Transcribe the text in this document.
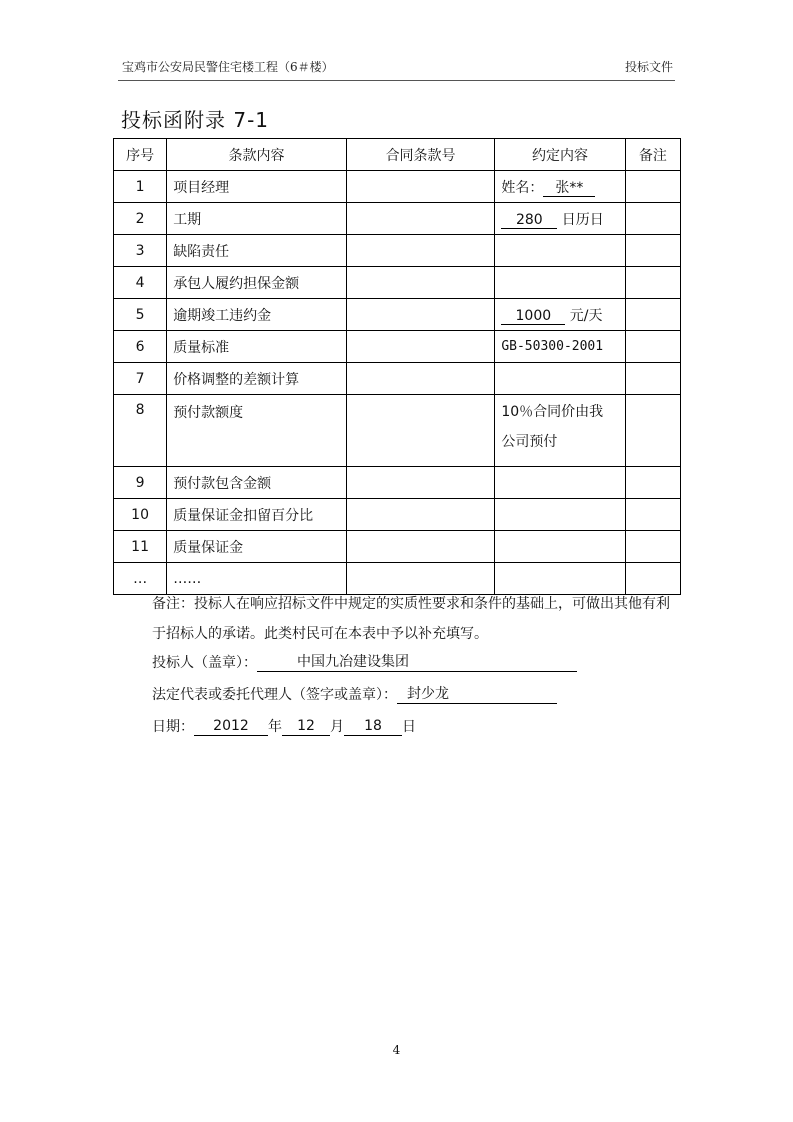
宝鸡市公安局民警住宅楼工程（6＃楼）	投标文件
投标函附录 7-1
序号	条款内容	合同条款号	约定内容	备注
1	项目经理		姓名： 张**	
2	工期		280 日历日	
3	缺陷责任			
4	承包人履约担保金额			
5	逾期竣工违约金		1000 元/天	
6	质量标准		GB-50300-2001	
7	价格调整的差额计算			
8	预付款额度		10％合同价由我
公司预付	

9	预付款包含金额			
10	质量保证金扣留百分比			
11	质量保证金			
…	……			
备注：投标人在响应招标文件中规定的实质性要求和条件的基础上，可做出其他有利于招标人的承诺。此类村民可在本表中予以补充填写。
投标人（盖章）：	中国九冶建设集团
法定代表或委托代理人（签字或盖章）： 封少龙
日期： 2012 年 12 月 18 日
4
